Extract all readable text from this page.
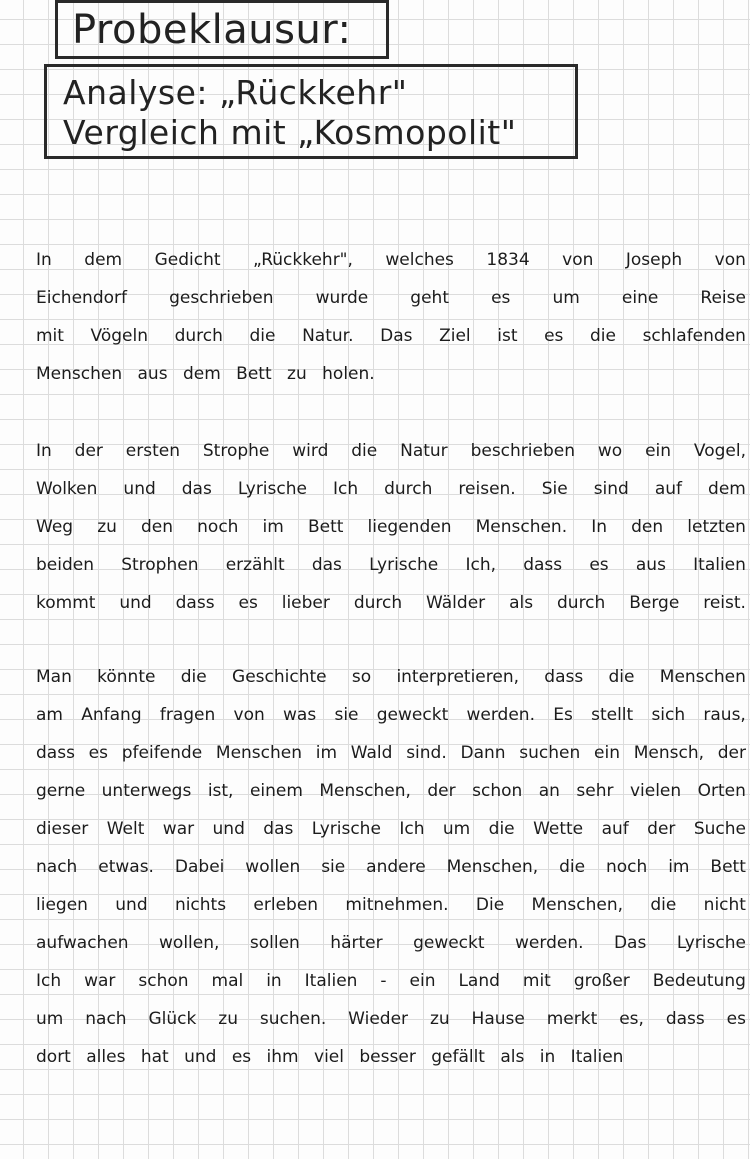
Probeklausur:
Analyse: „Rückkehr"
Vergleich mit „Kosmopolit"
In dem Gedicht „Rückkehr", welches 1834 von Joseph von
Eichendorf geschrieben wurde geht es um eine Reise
mit Vögeln durch die Natur. Das Ziel ist es die schlafenden
Menschen aus dem Bett zu holen.
In der ersten Strophe wird die Natur beschrieben wo ein Vogel,
Wolken und das Lyrische Ich durch reisen. Sie sind auf dem
Weg zu den noch im Bett liegenden Menschen. In den letzten
beiden Strophen erzählt das Lyrische Ich, dass es aus Italien
kommt und dass es lieber durch Wälder als durch Berge reist.
Man könnte die Geschichte so interpretieren, dass die Menschen
am Anfang fragen von was sie geweckt werden. Es stellt sich raus,
dass es pfeifende Menschen im Wald sind. Dann suchen ein Mensch, der
gerne unterwegs ist, einem Menschen, der schon an sehr vielen Orten
dieser Welt war und das Lyrische Ich um die Wette auf der Suche
nach etwas. Dabei wollen sie andere Menschen, die noch im Bett
liegen und nichts erleben mitnehmen. Die Menschen, die nicht
aufwachen wollen, sollen härter geweckt werden. Das Lyrische
Ich war schon mal in Italien - ein Land mit großer Bedeutung
um nach Glück zu suchen. Wieder zu Hause merkt es, dass es
dort alles hat und es ihm viel besser gefällt als in Italien
